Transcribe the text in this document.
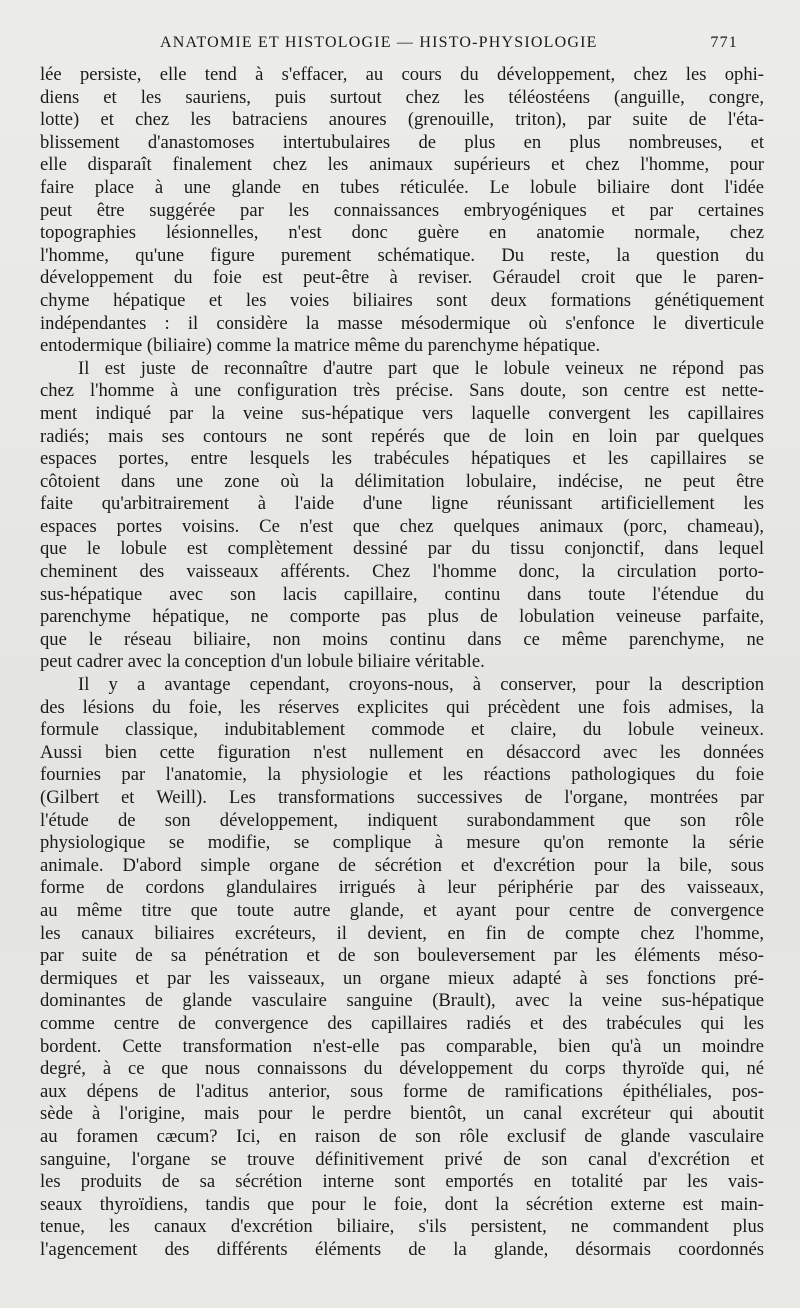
ANATOMIE ET HISTOLOGIE — HISTO-PHYSIOLOGIE	771

lée persiste, elle tend à s'effacer, au cours du développement, chez les ophi-

diens et les sauriens, puis surtout chez les téléostéens (anguille, congre,

lotte) et chez les batraciens anoures (grenouille, triton), par suite de l'éta-

blissement d'anastomoses intertubulaires de plus en plus nombreuses, et

elle disparaît finalement chez les animaux supérieurs et chez l'homme, pour

faire place à une glande en tubes réticulée. Le lobule biliaire dont l'idée

peut être suggérée par les connaissances embryogéniques et par certaines

topographies lésionnelles, n'est donc guère en anatomie normale, chez

l'homme, qu'une figure purement schématique. Du reste, la question du

développement du foie est peut-être à reviser. Géraudel croit que le paren-

chyme hépatique et les voies biliaires sont deux formations génétiquement

indépendantes : il considère la masse mésodermique où s'enfonce le diverticule

entodermique (biliaire) comme la matrice même du parenchyme hépatique.

Il est juste de reconnaître d'autre part que le lobule veineux ne répond pas

chez l'homme à une configuration très précise. Sans doute, son centre est nette-

ment indiqué par la veine sus-hépatique vers laquelle convergent les capillaires

radiés; mais ses contours ne sont repérés que de loin en loin par quelques

espaces portes, entre lesquels les trabécules hépatiques et les capillaires se

côtoient dans une zone où la délimitation lobulaire, indécise, ne peut être

faite qu'arbitrairement à l'aide d'une ligne réunissant artificiellement les

espaces portes voisins. Ce n'est que chez quelques animaux (porc, chameau),

que le lobule est complètement dessiné par du tissu conjonctif, dans lequel

cheminent des vaisseaux afférents. Chez l'homme donc, la circulation porto-

sus-hépatique avec son lacis capillaire, continu dans toute l'étendue du

parenchyme hépatique, ne comporte pas plus de lobulation veineuse parfaite,

que le réseau biliaire, non moins continu dans ce même parenchyme, ne

peut cadrer avec la conception d'un lobule biliaire véritable.

Il y a avantage cependant, croyons-nous, à conserver, pour la description

des lésions du foie, les réserves explicites qui précèdent une fois admises, la

formule classique, indubitablement commode et claire, du lobule veineux.

Aussi bien cette figuration n'est nullement en désaccord avec les données

fournies par l'anatomie, la physiologie et les réactions pathologiques du foie

(Gilbert et Weill). Les transformations successives de l'organe, montrées par

l'étude de son développement, indiquent surabondamment que son rôle

physiologique se modifie, se complique à mesure qu'on remonte la série

animale. D'abord simple organe de sécrétion et d'excrétion pour la bile, sous

forme de cordons glandulaires irrigués à leur périphérie par des vaisseaux,

au même titre que toute autre glande, et ayant pour centre de convergence

les canaux biliaires excréteurs, il devient, en fin de compte chez l'homme,

par suite de sa pénétration et de son bouleversement par les éléments méso-

dermiques et par les vaisseaux, un organe mieux adapté à ses fonctions pré-

dominantes de glande vasculaire sanguine (Brault), avec la veine sus-hépatique

comme centre de convergence des capillaires radiés et des trabécules qui les

bordent. Cette transformation n'est-elle pas comparable, bien qu'à un moindre

degré, à ce que nous connaissons du développement du corps thyroïde qui, né

aux dépens de l'aditus anterior, sous forme de ramifications épithéliales, pos-

sède à l'origine, mais pour le perdre bientôt, un canal excréteur qui aboutit

au foramen cæcum? Ici, en raison de son rôle exclusif de glande vasculaire

sanguine, l'organe se trouve définitivement privé de son canal d'excrétion et

les produits de sa sécrétion interne sont emportés en totalité par les vais-

seaux thyroïdiens, tandis que pour le foie, dont la sécrétion externe est main-

tenue, les canaux d'excrétion biliaire, s'ils persistent, ne commandent plus

l'agencement des différents éléments de la glande, désormais coordonnés
